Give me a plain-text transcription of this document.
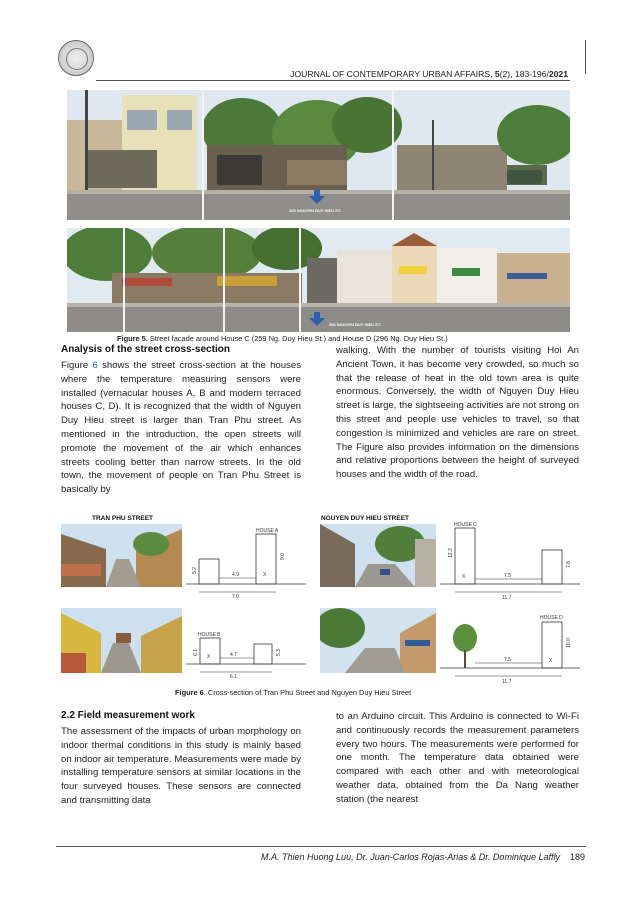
JOURNAL OF CONTEMPORARY URBAN AFFAIRS, 5(2), 183-196/2021
259 NGUYEN DUY HIEU ST.
296 NGUYEN DUY HIEU ST.
Figure 5. Street facade around House C (259 Ng. Duy Hieu St.) and House D (296 Ng. Duy Hieu St.)
Analysis of the street cross-section
Figure 6 shows the street cross-section at the houses where the temperature measuring sensors were installed (vernacular houses A, B and modern terraced houses C, D). It is recognized that the width of Nguyen Duy Hieu street is larger than Tran Phu street. As mentioned in the introduction, the open streets will promote the movement of the air which enhances streets cooling better than narrow streets. In the old town, the movement of people on Tran Phu Street is basically by
walking. With the number of tourists visiting Hoi An Ancient Town, it has become very crowded, so much so that the release of heat in the old town area is quite enormous. Conversely, the width of Nguyen Duy Hieu street is large, the sightseeing activities are not strong on this street and people use vehicles to travel, so that congestion is minimized and vehicles are rare on street. The Figure also provides information on the dimensions and relative proportions between the height of surveyed houses and the width of the road.
TRAN PHU STREET
HOUSE A
X
5.2
9.0
4.9
7.0
HOUSE B
X
6.1	5.3
4.7
6.1
NGUYEN DUY HIEU STREET
HOUSE C
X
12.3
7.8
7.5
11.7
HOUSE D
X
10.0
7.5
11.7
Figure 6. Cross-section of Tran Phu Street and Nguyen Duy Hieu Street
2.2 Field measurement work
The assessment of the impacts of urban morphology on indoor thermal conditions in this study is mainly based on indoor air temperature. Measurements were made by installing temperature sensors at similar locations in the four surveyed houses. These sensors are connected and transmitting data
to an Arduino circuit. This Arduino is connected to Wi-Fi and continuously records the measurement parameters every two hours. The measurements were performed for one month. The temperature data obtained were compared with each other and with meteorological weather data, obtained from the Da Nang weather station (the nearest
M.A. Thien Huong Luu, Dr. Juan-Carlos Rojas-Arias & Dr. Dominique Laffly 189
